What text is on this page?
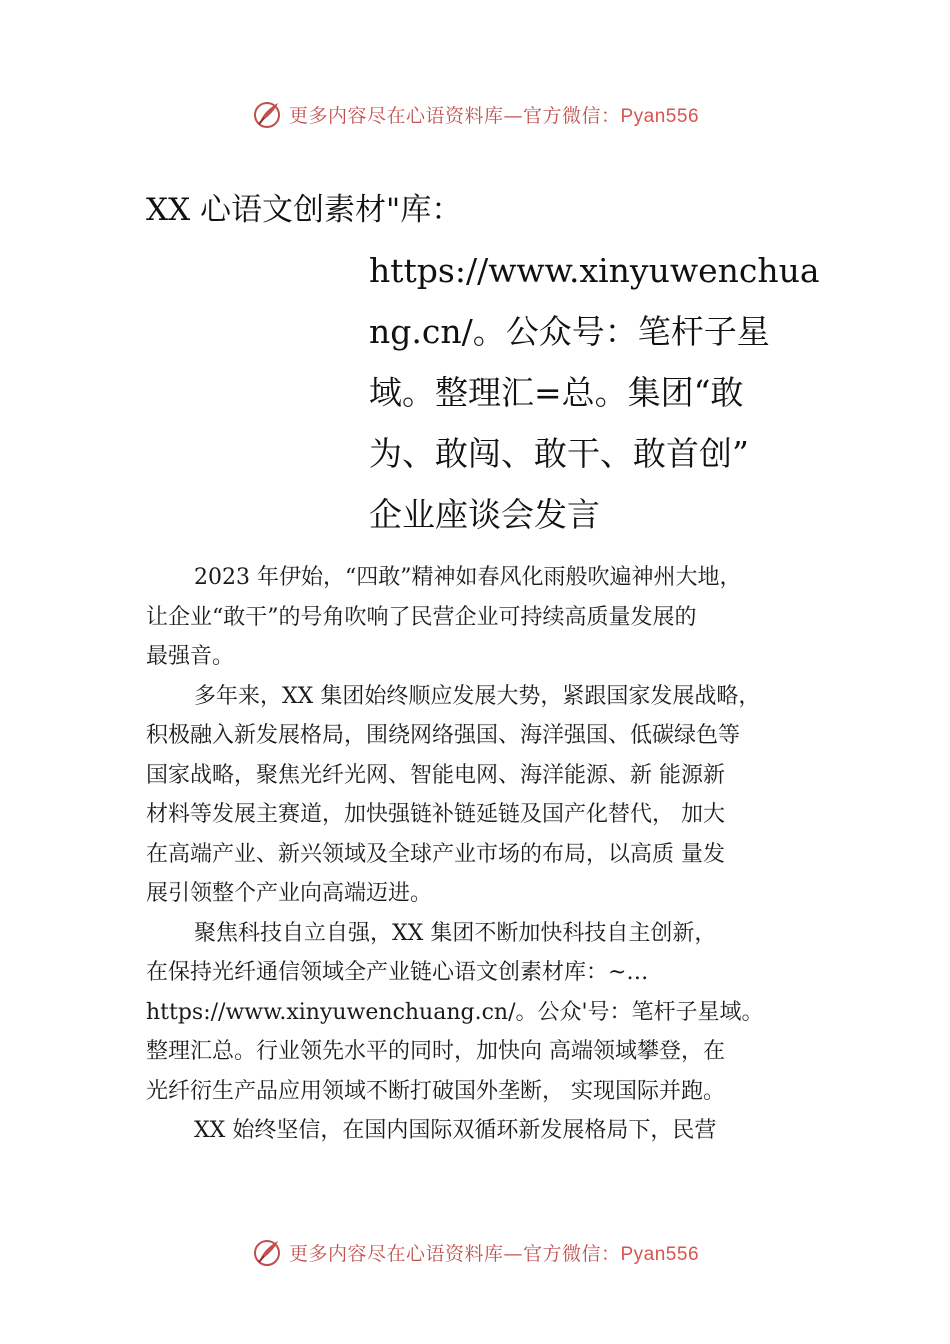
更多内容尽在心语资料库—官方微信：Pyan556
XX 心语文创素材"库：
https://www.xinyuwenchua
ng.cn/。公众号：笔杆子星
域。整理汇=总。集团“敢
为、敢闯、敢干、敢首创”
企业座谈会发言
2023 年伊始，“四敢”精神如春风化雨般吹遍神州大地，
让企业“敢干”的号角吹响了民营企业可持续高质量发展的
最强音。
多年来，XX 集团始终顺应发展大势，紧跟国家发展战略，
积极融入新发展格局，围绕网络强国、海洋强国、低碳绿色等
国家战略，聚焦光纤光网、智能电网、海洋能源、新 能源新
材料等发展主赛道，加快强链补链延链及国产化替代， 加大
在高端产业、新兴领域及全球产业市场的布局，以高质 量发
展引领整个产业向高端迈进。
聚焦科技自立自强，XX 集团不断加快科技自主创新，
在保持光纤通信领域全产业链心语文创素材库：~…
https://www.xinyuwenchuang.cn/。公众'号：笔杆子星域。
整理汇总。行业领先水平的同时，加快向 高端领域攀登，在
光纤衍生产品应用领域不断打破国外垄断， 实现国际并跑。
XX 始终坚信，在国内国际双循环新发展格局下，民营
更多内容尽在心语资料库—官方微信：Pyan556
